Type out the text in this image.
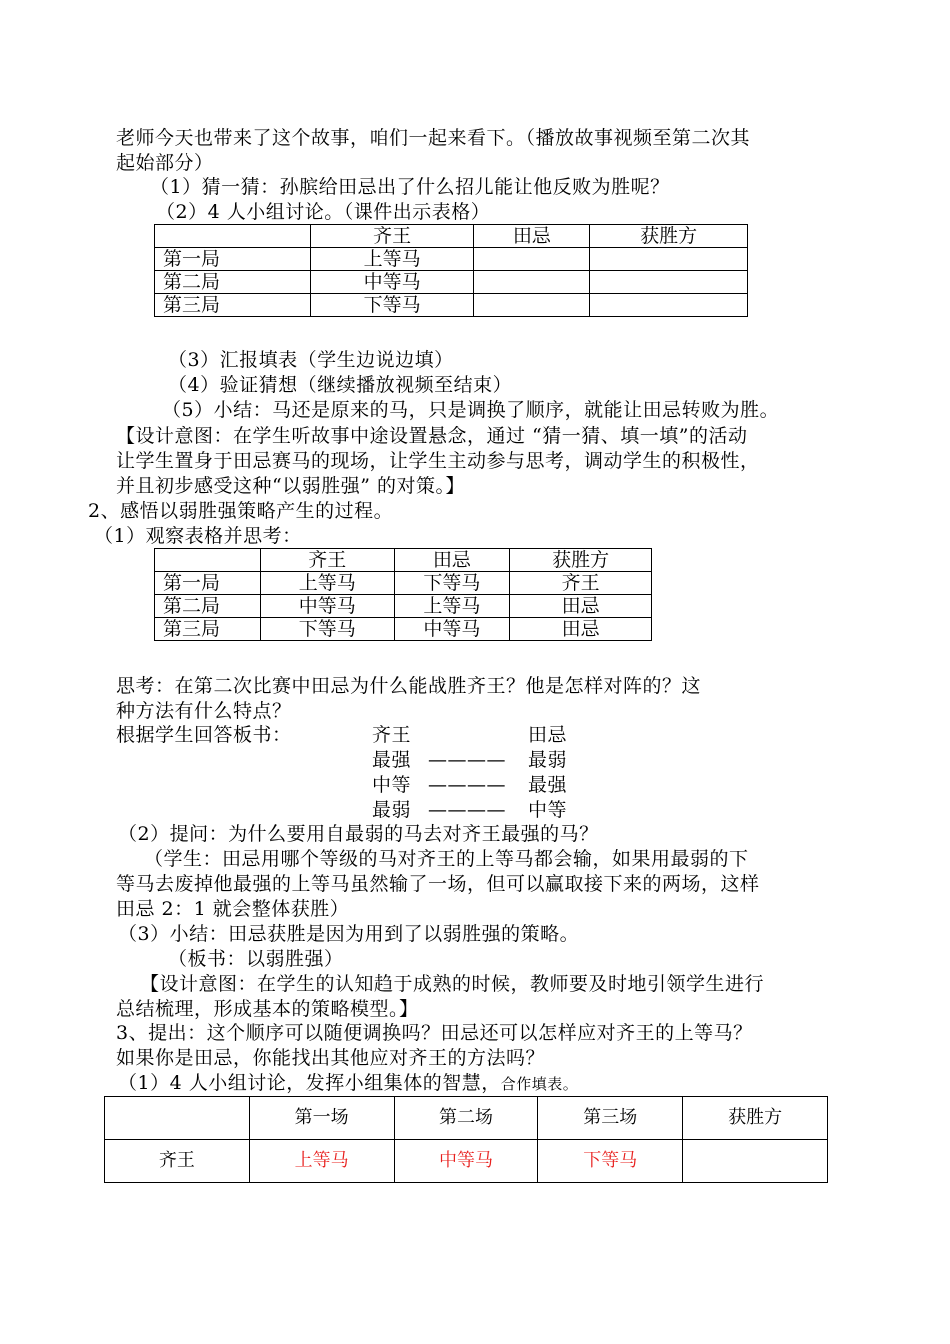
老师今天也带来了这个故事，咱们一起来看下。（播放故事视频至第二次其
起始部分）
（1）猜一猜：孙膑给田忌出了什么招儿能让他反败为胜呢？
（2）4 人小组讨论。（课件出示表格）
	齐王	田忌	获胜方
第一局	上等马		
第二局	中等马		
第三局	下等马		
（3）汇报填表（学生边说边填）
（4）验证猜想（继续播放视频至结束）
（5）小结：马还是原来的马，只是调换了顺序，就能让田忌转败为胜。
【设计意图：在学生听故事中途设置悬念，通过 “猜一猜、填一填”的活动
让学生置身于田忌赛马的现场，让学生主动参与思考，调动学生的积极性，
并且初步感受这种“以弱胜强” 的对策。】
2、感悟以弱胜强策略产生的过程。
（1）观察表格并思考：
	齐王	田忌	获胜方
第一局	上等马	下等马	齐王
第二局	中等马	上等马	田忌
第三局	下等马	中等马	田忌
思考：在第二次比赛中田忌为什么能战胜齐王？他是怎样对阵的？这
种方法有什么特点？
根据学生回答板书：	齐王	田忌
最强 ———— 最弱
中等 ———— 最强
最弱 ———— 中等
（2）提问：为什么要用自最弱的马去对齐王最强的马？
（学生：田忌用哪个等级的马对齐王的上等马都会输，如果用最弱的下
等马去废掉他最强的上等马虽然输了一场，但可以赢取接下来的两场，这样
田忌 2：1 就会整体获胜）
（3）小结：田忌获胜是因为用到了以弱胜强的策略。
（板书：以弱胜强）
【设计意图：在学生的认知趋于成熟的时候，教师要及时地引领学生进行
总结梳理，形成基本的策略模型。】
3、提出：这个顺序可以随便调换吗？田忌还可以怎样应对齐王的上等马？
如果你是田忌，你能找出其他应对齐王的方法吗？
（1）4 人小组讨论，发挥小组集体的智慧，合作填表。
	第一场	第二场	第三场	获胜方
齐王	上等马	中等马	下等马	
